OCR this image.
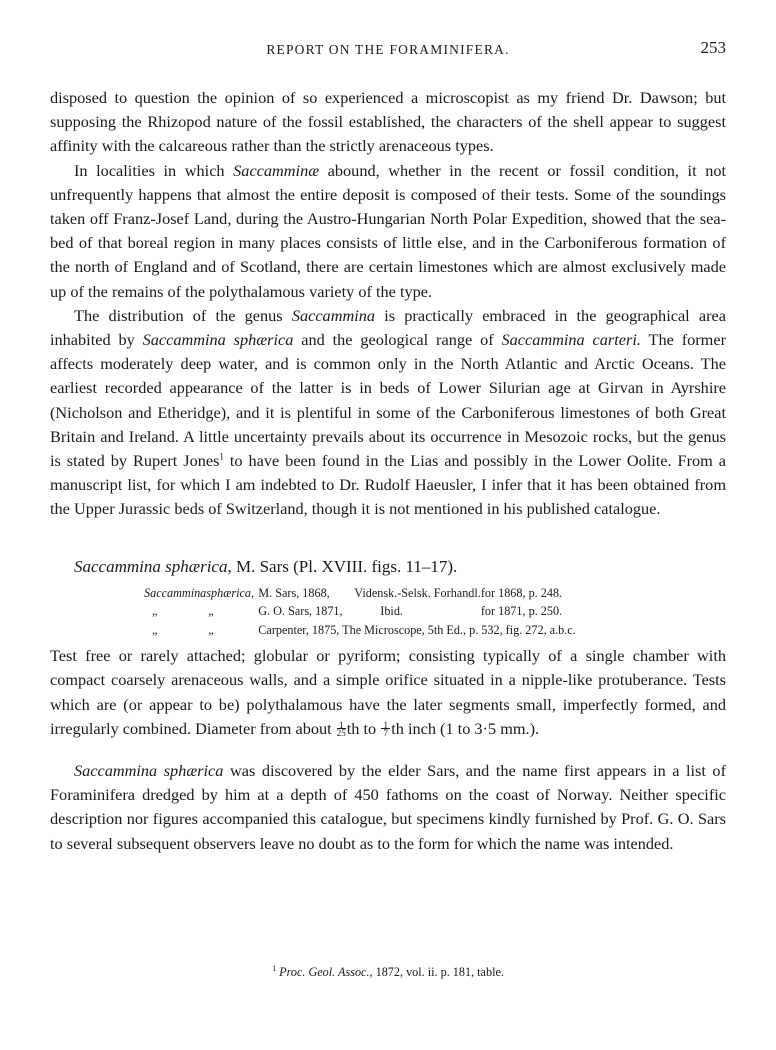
REPORT ON THE FORAMINIFERA.	253

disposed to question the opinion of so experienced a microscopist as my friend Dr. Dawson; but supposing the Rhizopod nature of the fossil established, the characters of the shell appear to suggest affinity with the calcareous rather than the strictly arenaceous types.

In localities in which Saccamminæ abound, whether in the recent or fossil condition, it not unfrequently happens that almost the entire deposit is composed of their tests. Some of the soundings taken off Franz-Josef Land, during the Austro-Hungarian North Polar Expedition, showed that the sea-bed of that boreal region in many places consists of little else, and in the Carboniferous formation of the north of England and of Scotland, there are certain limestones which are almost exclusively made up of the remains of the polythalamous variety of the type.

The distribution of the genus Saccammina is practically embraced in the geographical area inhabited by Saccammina sphærica and the geological range of Saccammina carteri. The former affects moderately deep water, and is common only in the North Atlantic and Arctic Oceans. The earliest recorded appearance of the latter is in beds of Lower Silurian age at Girvan in Ayrshire (Nicholson and Etheridge), and it is plentiful in some of the Carboniferous limestones of both Great Britain and Ireland. A little uncertainty prevails about its occurrence in Mesozoic rocks, but the genus is stated by Rupert Jones$^1$ to have been found in the Lias and possibly in the Lower Oolite. From a manuscript list, for which I am indebted to Dr. Rudolf Haeusler, I infer that it has been obtained from the Upper Jurassic beds of Switzerland, though it is not mentioned in his published catalogue.

Saccammina sphærica, M. Sars (Pl. XVIII. figs. 11–17).

Saccammina	sphærica,	M. Sars, 1868,	Vidensk.-Selsk. Forhandl.	for 1868, p. 248.
„	„	G. O. Sars, 1871,	Ibid.	for 1871, p. 250.
„	„	Carpenter, 1875, The Microscope, 5th Ed., p. 532, fig. 272, a.b.c.		

Test free or rarely attached; globular or pyriform; consisting typically of a single chamber with compact coarsely arenaceous walls, and a simple orifice situated in a nipple-like protuberance. Tests which are (or appear to be) polythalamous have the later segments small, imperfectly formed, and irregularly combined. Diameter from about $\frac{1}{25}$ th to $\frac{1}{7}$ th inch (1 to 3·5 mm.).

Saccammina sphærica was discovered by the elder Sars, and the name first appears in a list of Foraminifera dredged by him at a depth of 450 fathoms on the coast of Norway. Neither specific description nor figures accompanied this catalogue, but specimens kindly furnished by Prof. G. O. Sars to several subsequent observers leave no doubt as to the form for which the name was intended.

$^1$ Proc. Geol. Assoc., 1872, vol. ii. p. 181, table.
